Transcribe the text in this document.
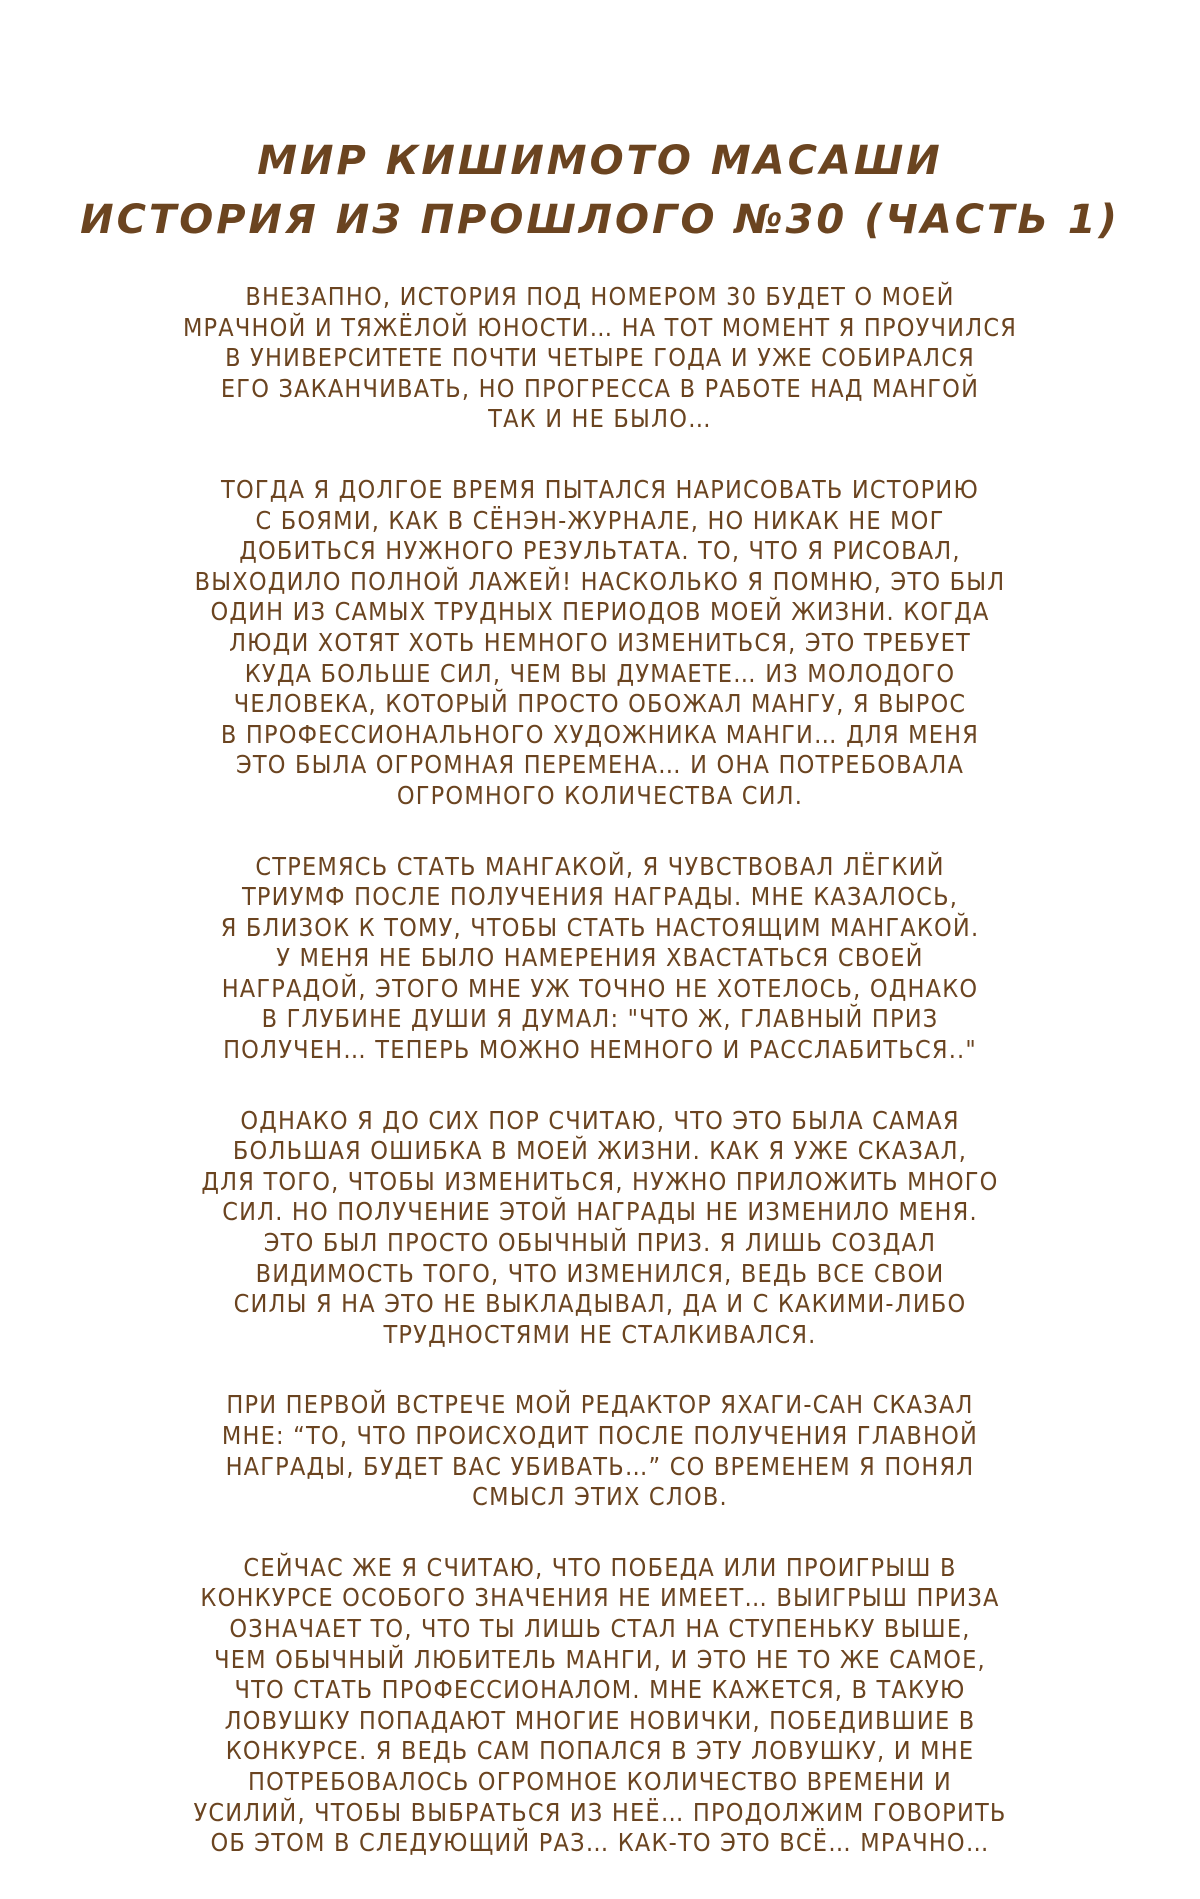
МИР КИШИМОТО МАСАШИ
ИСТОРИЯ ИЗ ПРОШЛОГО №30 (ЧАСТЬ 1)
ВНЕЗАПНО, ИСТОРИЯ ПОД НОМЕРОМ 30 БУДЕТ О МОЕЙ
МРАЧНОЙ И ТЯЖЁЛОЙ ЮНОСТИ… НА ТОТ МОМЕНТ Я ПРОУЧИЛСЯ
В УНИВЕРСИТЕТЕ ПОЧТИ ЧЕТЫРЕ ГОДА И УЖЕ СОБИРАЛСЯ
ЕГО ЗАКАНЧИВАТЬ, НО ПРОГРЕССА В РАБОТЕ НАД МАНГОЙ
ТАК И НЕ БЫЛО…
ТОГДА Я ДОЛГОЕ ВРЕМЯ ПЫТАЛСЯ НАРИСОВАТЬ ИСТОРИЮ
С БОЯМИ, КАК В СЁНЭН-ЖУРНАЛЕ, НО НИКАК НЕ МОГ
ДОБИТЬСЯ НУЖНОГО РЕЗУЛЬТАТА. ТО, ЧТО Я РИСОВАЛ,
ВЫХОДИЛО ПОЛНОЙ ЛАЖЕЙ! НАСКОЛЬКО Я ПОМНЮ, ЭТО БЫЛ
ОДИН ИЗ САМЫХ ТРУДНЫХ ПЕРИОДОВ МОЕЙ ЖИЗНИ. КОГДА
ЛЮДИ ХОТЯТ ХОТЬ НЕМНОГО ИЗМЕНИТЬСЯ, ЭТО ТРЕБУЕТ
КУДА БОЛЬШЕ СИЛ, ЧЕМ ВЫ ДУМАЕТЕ… ИЗ МОЛОДОГО
ЧЕЛОВЕКА, КОТОРЫЙ ПРОСТО ОБОЖАЛ МАНГУ, Я ВЫРОС
В ПРОФЕССИОНАЛЬНОГО ХУДОЖНИКА МАНГИ… ДЛЯ МЕНЯ
ЭТО БЫЛА ОГРОМНАЯ ПЕРЕМЕНА… И ОНА ПОТРЕБОВАЛА
ОГРОМНОГО КОЛИЧЕСТВА СИЛ.
СТРЕМЯСЬ СТАТЬ МАНГАКОЙ, Я ЧУВСТВОВАЛ ЛЁГКИЙ
ТРИУМФ ПОСЛЕ ПОЛУЧЕНИЯ НАГРАДЫ. МНЕ КАЗАЛОСЬ,
Я БЛИЗОК К ТОМУ, ЧТОБЫ СТАТЬ НАСТОЯЩИМ МАНГАКОЙ.
У МЕНЯ НЕ БЫЛО НАМЕРЕНИЯ ХВАСТАТЬСЯ СВОЕЙ
НАГРАДОЙ, ЭТОГО МНЕ УЖ ТОЧНО НЕ ХОТЕЛОСЬ, ОДНАКО
В ГЛУБИНЕ ДУШИ Я ДУМАЛ: "ЧТО Ж, ГЛАВНЫЙ ПРИЗ
ПОЛУЧЕН… ТЕПЕРЬ МОЖНО НЕМНОГО И РАССЛАБИТЬСЯ.."
ОДНАКО Я ДО СИХ ПОР СЧИТАЮ, ЧТО ЭТО БЫЛА САМАЯ
БОЛЬШАЯ ОШИБКА В МОЕЙ ЖИЗНИ. КАК Я УЖЕ СКАЗАЛ,
ДЛЯ ТОГО, ЧТОБЫ ИЗМЕНИТЬСЯ, НУЖНО ПРИЛОЖИТЬ МНОГО
СИЛ. НО ПОЛУЧЕНИЕ ЭТОЙ НАГРАДЫ НЕ ИЗМЕНИЛО МЕНЯ.
ЭТО БЫЛ ПРОСТО ОБЫЧНЫЙ ПРИЗ. Я ЛИШЬ СОЗДАЛ
ВИДИМОСТЬ ТОГО, ЧТО ИЗМЕНИЛСЯ, ВЕДЬ ВСЕ СВОИ
СИЛЫ Я НА ЭТО НЕ ВЫКЛАДЫВАЛ, ДА И С КАКИМИ-ЛИБО
ТРУДНОСТЯМИ НЕ СТАЛКИВАЛСЯ.
ПРИ ПЕРВОЙ ВСТРЕЧЕ МОЙ РЕДАКТОР ЯХАГИ-САН СКАЗАЛ
МНЕ: “ТО, ЧТО ПРОИСХОДИТ ПОСЛЕ ПОЛУЧЕНИЯ ГЛАВНОЙ
НАГРАДЫ, БУДЕТ ВАС УБИВАТЬ…” СО ВРЕМЕНЕМ Я ПОНЯЛ
СМЫСЛ ЭТИХ СЛОВ.
СЕЙЧАС ЖЕ Я СЧИТАЮ, ЧТО ПОБЕДА ИЛИ ПРОИГРЫШ В
КОНКУРСЕ ОСОБОГО ЗНАЧЕНИЯ НЕ ИМЕЕТ… ВЫИГРЫШ ПРИЗА
ОЗНАЧАЕТ ТО, ЧТО ТЫ ЛИШЬ СТАЛ НА СТУПЕНЬКУ ВЫШЕ,
ЧЕМ ОБЫЧНЫЙ ЛЮБИТЕЛЬ МАНГИ, И ЭТО НЕ ТО ЖЕ САМОЕ,
ЧТО СТАТЬ ПРОФЕССИОНАЛОМ. МНЕ КАЖЕТСЯ, В ТАКУЮ
ЛОВУШКУ ПОПАДАЮТ МНОГИЕ НОВИЧКИ, ПОБЕДИВШИЕ В
КОНКУРСЕ. Я ВЕДЬ САМ ПОПАЛСЯ В ЭТУ ЛОВУШКУ, И МНЕ
ПОТРЕБОВАЛОСЬ ОГРОМНОЕ КОЛИЧЕСТВО ВРЕМЕНИ И
УСИЛИЙ, ЧТОБЫ ВЫБРАТЬСЯ ИЗ НЕЁ… ПРОДОЛЖИМ ГОВОРИТЬ
ОБ ЭТОМ В СЛЕДУЮЩИЙ РАЗ… КАК-ТО ЭТО ВСЁ… МРАЧНО…
